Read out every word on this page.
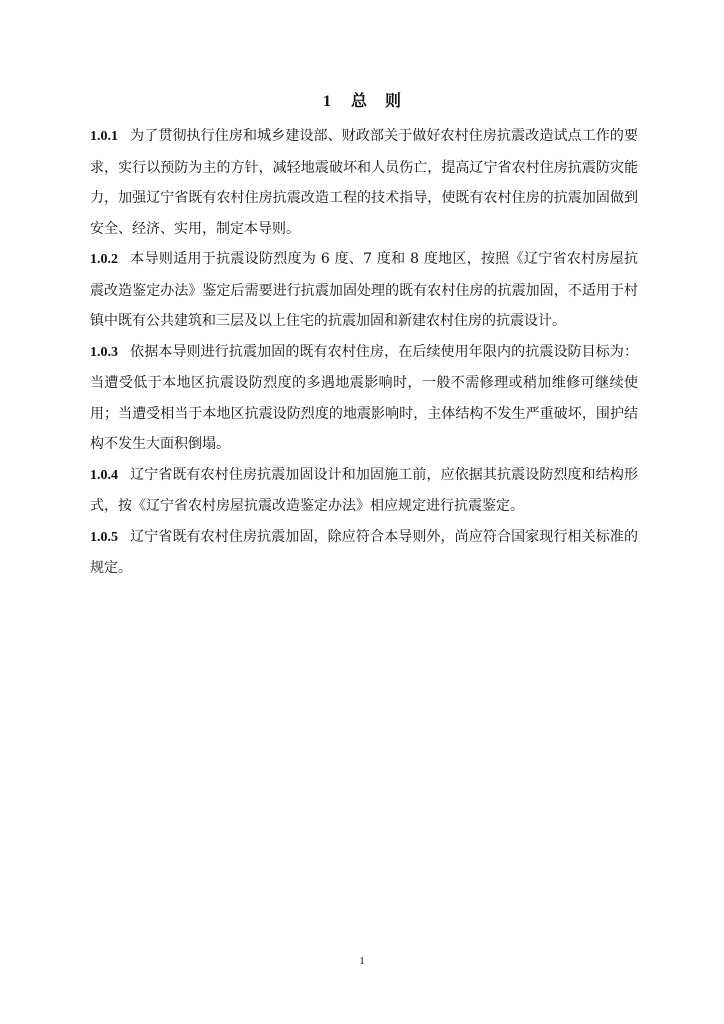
1 总 则

1.0.1 为了贯彻执行住房和城乡建设部、财政部关于做好农村住房抗震改造试点工作的要求，实行以预防为主的方针，减轻地震破坏和人员伤亡，提高辽宁省农村住房抗震防灾能力，加强辽宁省既有农村住房抗震改造工程的技术指导，使既有农村住房的抗震加固做到安全、经济、实用，制定本导则。

1.0.2 本导则适用于抗震设防烈度为 6 度、7 度和 8 度地区，按照《辽宁省农村房屋抗震改造鉴定办法》鉴定后需要进行抗震加固处理的既有农村住房的抗震加固，不适用于村镇中既有公共建筑和三层及以上住宅的抗震加固和新建农村住房的抗震设计。

1.0.3 依据本导则进行抗震加固的既有农村住房，在后续使用年限内的抗震设防目标为：当遭受低于本地区抗震设防烈度的多遇地震影响时，一般不需修理或稍加维修可继续使用；当遭受相当于本地区抗震设防烈度的地震影响时，主体结构不发生严重破坏，围护结构不发生大面积倒塌。

1.0.4 辽宁省既有农村住房抗震加固设计和加固施工前，应依据其抗震设防烈度和结构形式，按《辽宁省农村房屋抗震改造鉴定办法》相应规定进行抗震鉴定。

1.0.5 辽宁省既有农村住房抗震加固，除应符合本导则外，尚应符合国家现行相关标准的规定。

1
